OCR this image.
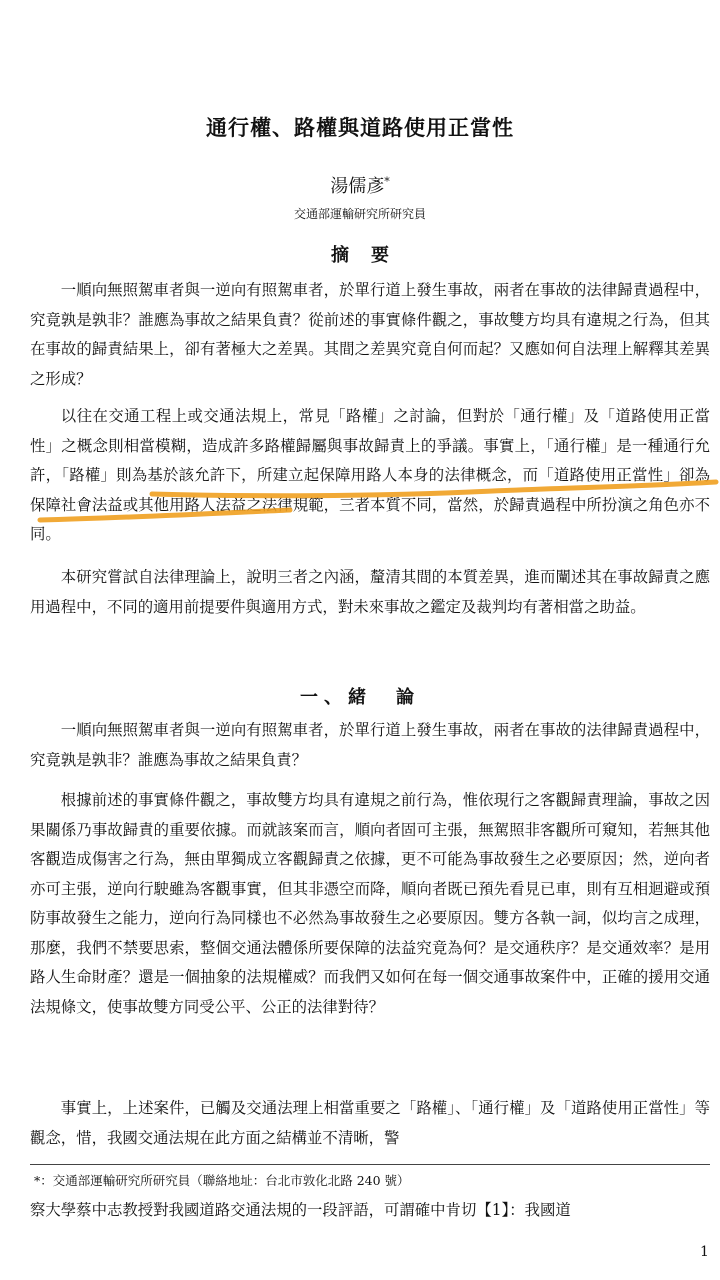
通行權、路權與道路使用正當性
湯儒彥*
交通部運輸研究所研究員
摘要

一順向無照駕車者與一逆向有照駕車者，於單行道上發生事故，兩者在事故的法律歸責過程中，究竟孰是孰非？誰應為事故之結果負責？從前述的事實條件觀之，事故雙方均具有違規之行為，但其在事故的歸責結果上，卻有著極大之差異。其間之差異究竟自何而起？又應如何自法理上解釋其差異之形成？

以往在交通工程上或交通法規上，常見「路權」之討論，但對於「通行權」及「道路使用正當性」之概念則相當模糊，造成許多路權歸屬與事故歸責上的爭議。事實上，「通行權」是一種通行允許，「路權」則為基於該允許下，所建立起保障用路人本身的法律概念，而「道路使用正當性」卻為保障社會法益或其他用路人法益之法律規範，三者本質不同，當然，於歸責過程中所扮演之角色亦不同。

本研究嘗試自法律理論上，說明三者之內涵，釐清其間的本質差異，進而闡述其在事故歸責之應用過程中，不同的適用前提要件與適用方式，對未來事故之鑑定及裁判均有著相當之助益。

一、緒　論

一順向無照駕車者與一逆向有照駕車者，於單行道上發生事故，兩者在事故的法律歸責過程中，究竟孰是孰非？誰應為事故之結果負責？

根據前述的事實條件觀之，事故雙方均具有違規之前行為，惟依現行之客觀歸責理論，事故之因果關係乃事故歸責的重要依據。而就該案而言，順向者固可主張，無駕照非客觀所可窺知，若無其他客觀造成傷害之行為，無由單獨成立客觀歸責之依據，更不可能為事故發生之必要原因；然，逆向者亦可主張，逆向行駛雖為客觀事實，但其非憑空而降，順向者既已預先看見已車，則有互相迴避或預防事故發生之能力，逆向行為同樣也不必然為事故發生之必要原因。雙方各執一詞，似均言之成理，那麼，我們不禁要思索，整個交通法體係所要保障的法益究竟為何？是交通秩序？是交通效率？是用路人生命財產？還是一個抽象的法規權威？而我們又如何在每一個交通事故案件中，正確的援用交通法規條文，使事故雙方同受公平、公正的法律對待？

事實上，上述案件，已觸及交通法理上相當重要之「路權」、「通行權」及「道路使用正當性」等觀念，惜，我國交通法規在此方面之結構並不清晰，警

*：交通部運輸研究所研究員（聯絡地址：台北市敦化北路 240 號）

察大學蔡中志教授對我國道路交通法規的一段評語，可謂確中肯切【1】：我國道

1
